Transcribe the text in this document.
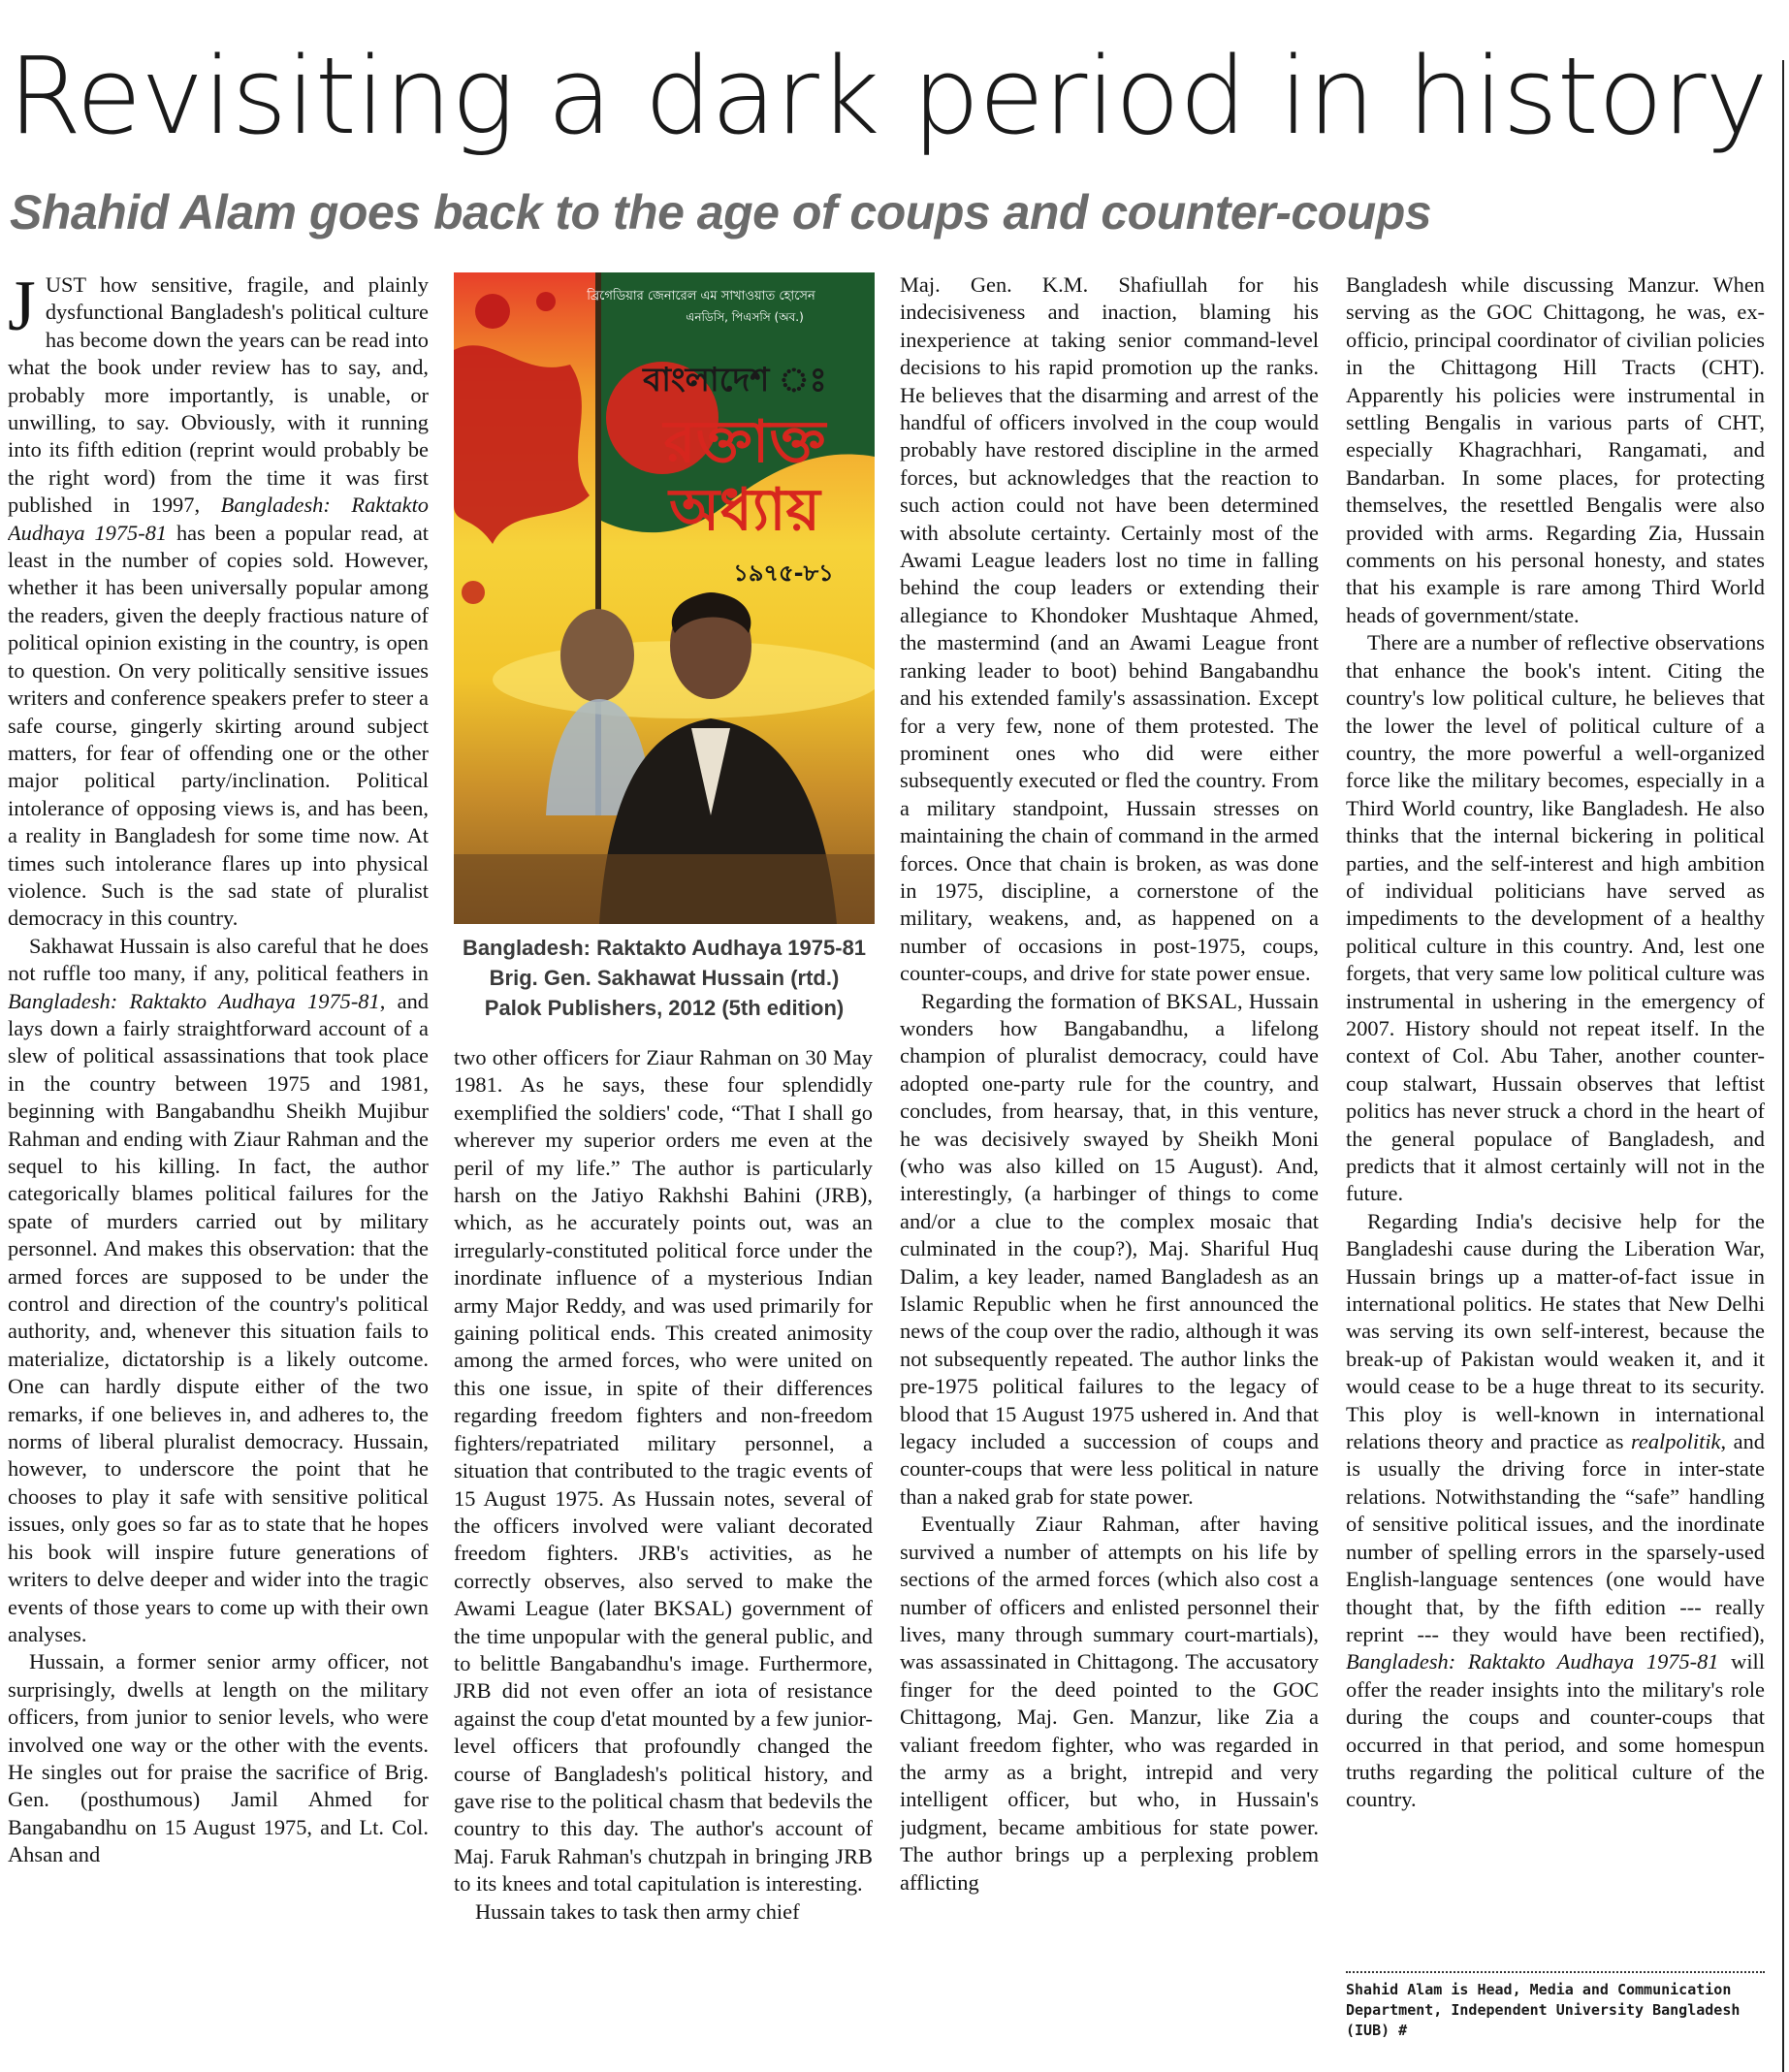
Revisiting a dark period in history
Shahid Alam goes back to the age of coups and counter-coups

JUST how sensitive, fragile, and plainly dysfunctional Bangladesh's political culture has become down the years can be read into what the book under review has to say, and, probably more importantly, is unable, or unwilling, to say. Obviously, with it running into its fifth edition (reprint would probably be the right word) from the time it was first published in 1997, Bangladesh: Raktakto Audhaya 1975-81 has been a popular read, at least in the number of copies sold. However, whether it has been universally popular among the readers, given the deeply fractious nature of political opinion existing in the country, is open to question. On very politically sensitive issues writers and conference speakers prefer to steer a safe course, gingerly skirting around subject matters, for fear of offending one or the other major political party/inclination. Political intolerance of opposing views is, and has been, a reality in Bangladesh for some time now. At times such intolerance flares up into physical violence. Such is the sad state of pluralist democracy in this country.

Sakhawat Hussain is also careful that he does not ruffle too many, if any, political feathers in Bangladesh: Raktakto Audhaya 1975-81, and lays down a fairly straightforward account of a slew of political assassinations that took place in the country between 1975 and 1981, beginning with Bangabandhu Sheikh Mujibur Rahman and ending with Ziaur Rahman and the sequel to his killing. In fact, the author categorically blames political failures for the spate of murders carried out by military personnel. And makes this observation: that the armed forces are supposed to be under the control and direction of the country's political authority, and, whenever this situation fails to materialize, dictatorship is a likely outcome. One can hardly dispute either of the two remarks, if one believes in, and adheres to, the norms of liberal pluralist democracy. Hussain, however, to underscore the point that he chooses to play it safe with sensitive political issues, only goes so far as to state that he hopes his book will inspire future generations of writers to delve deeper and wider into the tragic events of those years to come up with their own analyses.

Hussain, a former senior army officer, not surprisingly, dwells at length on the military officers, from junior to senior levels, who were involved one way or the other with the events. He singles out for praise the sacrifice of Brig. Gen. (posthumous) Jamil Ahmed for Bangabandhu on 15 August 1975, and Lt. Col. Ahsan and

ব্রিগেডিয়ার জেনারেল এম সাখাওয়াত হোসেন
এনডিসি, পিএসসি (অব.)
বাংলাদেশ ঃ
রক্তাক্ত
অধ্যায়
১৯৭৫-৮১
Bangladesh: Raktakto Audhaya 1975-81
Brig. Gen. Sakhawat Hussain (rtd.)
Palok Publishers, 2012 (5th edition)

two other officers for Ziaur Rahman on 30 May 1981. As he says, these four splendidly exemplified the soldiers' code, “That I shall go wherever my superior orders me even at the peril of my life.” The author is particularly harsh on the Jatiyo Rakhshi Bahini (JRB), which, as he accurately points out, was an irregularly-constituted political force under the inordinate influence of a mysterious Indian army Major Reddy, and was used primarily for gaining political ends. This created animosity among the armed forces, who were united on this one issue, in spite of their differences regarding freedom fighters and non-freedom fighters/repatriated military personnel, a situation that contributed to the tragic events of 15 August 1975. As Hussain notes, several of the officers involved were valiant decorated freedom fighters. JRB's activities, as he correctly observes, also served to make the Awami League (later BKSAL) government of the time unpopular with the general public, and to belittle Bangabandhu's image. Furthermore, JRB did not even offer an iota of resistance against the coup d'etat mounted by a few junior-level officers that profoundly changed the course of Bangladesh's political history, and gave rise to the political chasm that bedevils the country to this day. The author's account of Maj. Faruk Rahman's chutzpah in bringing JRB to its knees and total capitulation is interesting.

Hussain takes to task then army chief

Maj. Gen. K.M. Shafiullah for his indecisiveness and inaction, blaming his inexperience at taking senior command-level decisions to his rapid promotion up the ranks. He believes that the disarming and arrest of the handful of officers involved in the coup would probably have restored discipline in the armed forces, but acknowledges that the reaction to such action could not have been determined with absolute certainty. Certainly most of the Awami League leaders lost no time in falling behind the coup leaders or extending their allegiance to Khondoker Mushtaque Ahmed, the mastermind (and an Awami League front ranking leader to boot) behind Bangabandhu and his extended family's assassination. Except for a very few, none of them protested. The prominent ones who did were either subsequently executed or fled the country. From a military standpoint, Hussain stresses on maintaining the chain of command in the armed forces. Once that chain is broken, as was done in 1975, discipline, a cornerstone of the military, weakens, and, as happened on a number of occasions in post-1975, coups, counter-coups, and drive for state power ensue.

Regarding the formation of BKSAL, Hussain wonders how Bangabandhu, a lifelong champion of pluralist democracy, could have adopted one-party rule for the country, and concludes, from hearsay, that, in this venture, he was decisively swayed by Sheikh Moni (who was also killed on 15 August). And, interestingly, (a harbinger of things to come and/or a clue to the complex mosaic that culminated in the coup?), Maj. Shariful Huq Dalim, a key leader, named Bangladesh as an Islamic Republic when he first announced the news of the coup over the radio, although it was not subsequently repeated. The author links the pre-1975 political failures to the legacy of blood that 15 August 1975 ushered in. And that legacy included a succession of coups and counter-coups that were less political in nature than a naked grab for state power.

Eventually Ziaur Rahman, after having survived a number of attempts on his life by sections of the armed forces (which also cost a number of officers and enlisted personnel their lives, many through summary court-martials), was assassinated in Chittagong. The accusatory finger for the deed pointed to the GOC Chittagong, Maj. Gen. Manzur, like Zia a valiant freedom fighter, who was regarded in the army as a bright, intrepid and very intelligent officer, but who, in Hussain's judgment, became ambitious for state power. The author brings up a perplexing problem afflicting

Bangladesh while discussing Manzur. When serving as the GOC Chittagong, he was, ex-officio, principal coordinator of civilian policies in the Chittagong Hill Tracts (CHT). Apparently his policies were instrumental in settling Bengalis in various parts of CHT, especially Khagrachhari, Rangamati, and Bandarban. In some places, for protecting themselves, the resettled Bengalis were also provided with arms. Regarding Zia, Hussain comments on his personal honesty, and states that his example is rare among Third World heads of government/state.

There are a number of reflective observations that enhance the book's intent. Citing the country's low political culture, he believes that the lower the level of political culture of a country, the more powerful a well-organized force like the military becomes, especially in a Third World country, like Bangladesh. He also thinks that the internal bickering in political parties, and the self-interest and high ambition of individual politicians have served as impediments to the development of a healthy political culture in this country. And, lest one forgets, that very same low political culture was instrumental in ushering in the emergency of 2007. History should not repeat itself. In the context of Col. Abu Taher, another counter-coup stalwart, Hussain observes that leftist politics has never struck a chord in the heart of the general populace of Bangladesh, and predicts that it almost certainly will not in the future.

Regarding India's decisive help for the Bangladeshi cause during the Liberation War, Hussain brings up a matter-of-fact issue in international politics. He states that New Delhi was serving its own self-interest, because the break-up of Pakistan would weaken it, and it would cease to be a huge threat to its security. This ploy is well-known in international relations theory and practice as realpolitik, and is usually the driving force in inter-state relations. Notwithstanding the “safe” handling of sensitive political issues, and the inordinate number of spelling errors in the sparsely-used English-language sentences (one would have thought that, by the fifth edition --- really reprint --- they would have been rectified), Bangladesh: Raktakto Audhaya 1975-81 will offer the reader insights into the military's role during the coups and counter-coups that occurred in that period, and some homespun truths regarding the political culture of the country.

Shahid Alam is Head, Media and Communication Department, Independent University Bangladesh (IUB) #
